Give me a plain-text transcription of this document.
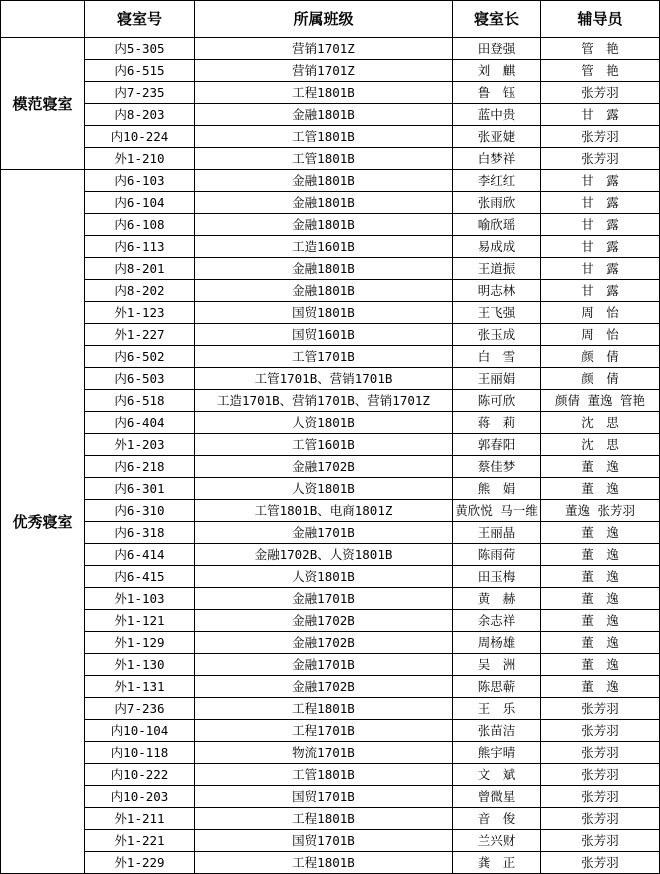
	寝室号	所属班级	寝室长	辅导员
模范寝室	内5-305	营销1701Z	田登强	管　艳
	内6-515	营销1701Z	刘　麒	管　艳
	内7-235	工程1801B	鲁　钰	张芳羽
	内8-203	金融1801B	蓝中贵	甘　露
	内10-224	工管1801B	张亚婕	张芳羽
	外1-210	工管1801B	白梦祥	张芳羽
优秀寝室	内6-103	金融1801B	李红红	甘　露
	内6-104	金融1801B	张雨欣	甘　露
	内6-108	金融1801B	喻欣瑶	甘　露
	内6-113	工造1601B	易成成	甘　露
	内8-201	金融1801B	王道振	甘　露
	内8-202	金融1801B	明志林	甘　露
	外1-123	国贸1801B	王飞强	周　怡
	外1-227	国贸1601B	张玉成	周　怡
	内6-502	工管1701B	白　雪	颜　倩
	内6-503	工管1701B、营销1701B	王丽娟	颜　倩
	内6-518	工造1701B、营销1701B、营销1701Z	陈可欣	颜倩 董逸 管艳
	内6-404	人资1801B	蒋　莉	沈　思
	外1-203	工管1601B	郭春阳	沈　思
	内6-218	金融1702B	蔡佳梦	董　逸
	内6-301	人资1801B	熊　娟	董　逸
	内6-310	工管1801B、电商1801Z	黄欣悦 马一维	董逸 张芳羽
	内6-318	金融1701B	王丽晶	董　逸
	内6-414	金融1702B、人资1801B	陈雨荷	董　逸
	内6-415	人资1801B	田玉梅	董　逸
	外1-103	金融1701B	黄　赫	董　逸
	外1-121	金融1702B	余志祥	董　逸
	外1-129	金融1702B	周杨雄	董　逸
	外1-130	金融1701B	吴　洲	董　逸
	外1-131	金融1702B	陈思蕲	董　逸
	内7-236	工程1801B	王　乐	张芳羽
	内10-104	工程1701B	张苗洁	张芳羽
	内10-118	物流1701B	熊宇晴	张芳羽
	内10-222	工管1801B	文　斌	张芳羽
	内10-203	国贸1701B	曾微星	张芳羽
	外1-211	工程1801B	音　俊	张芳羽
	外1-221	国贸1701B	兰兴财	张芳羽
	外1-229	工程1801B	龚　正	张芳羽
